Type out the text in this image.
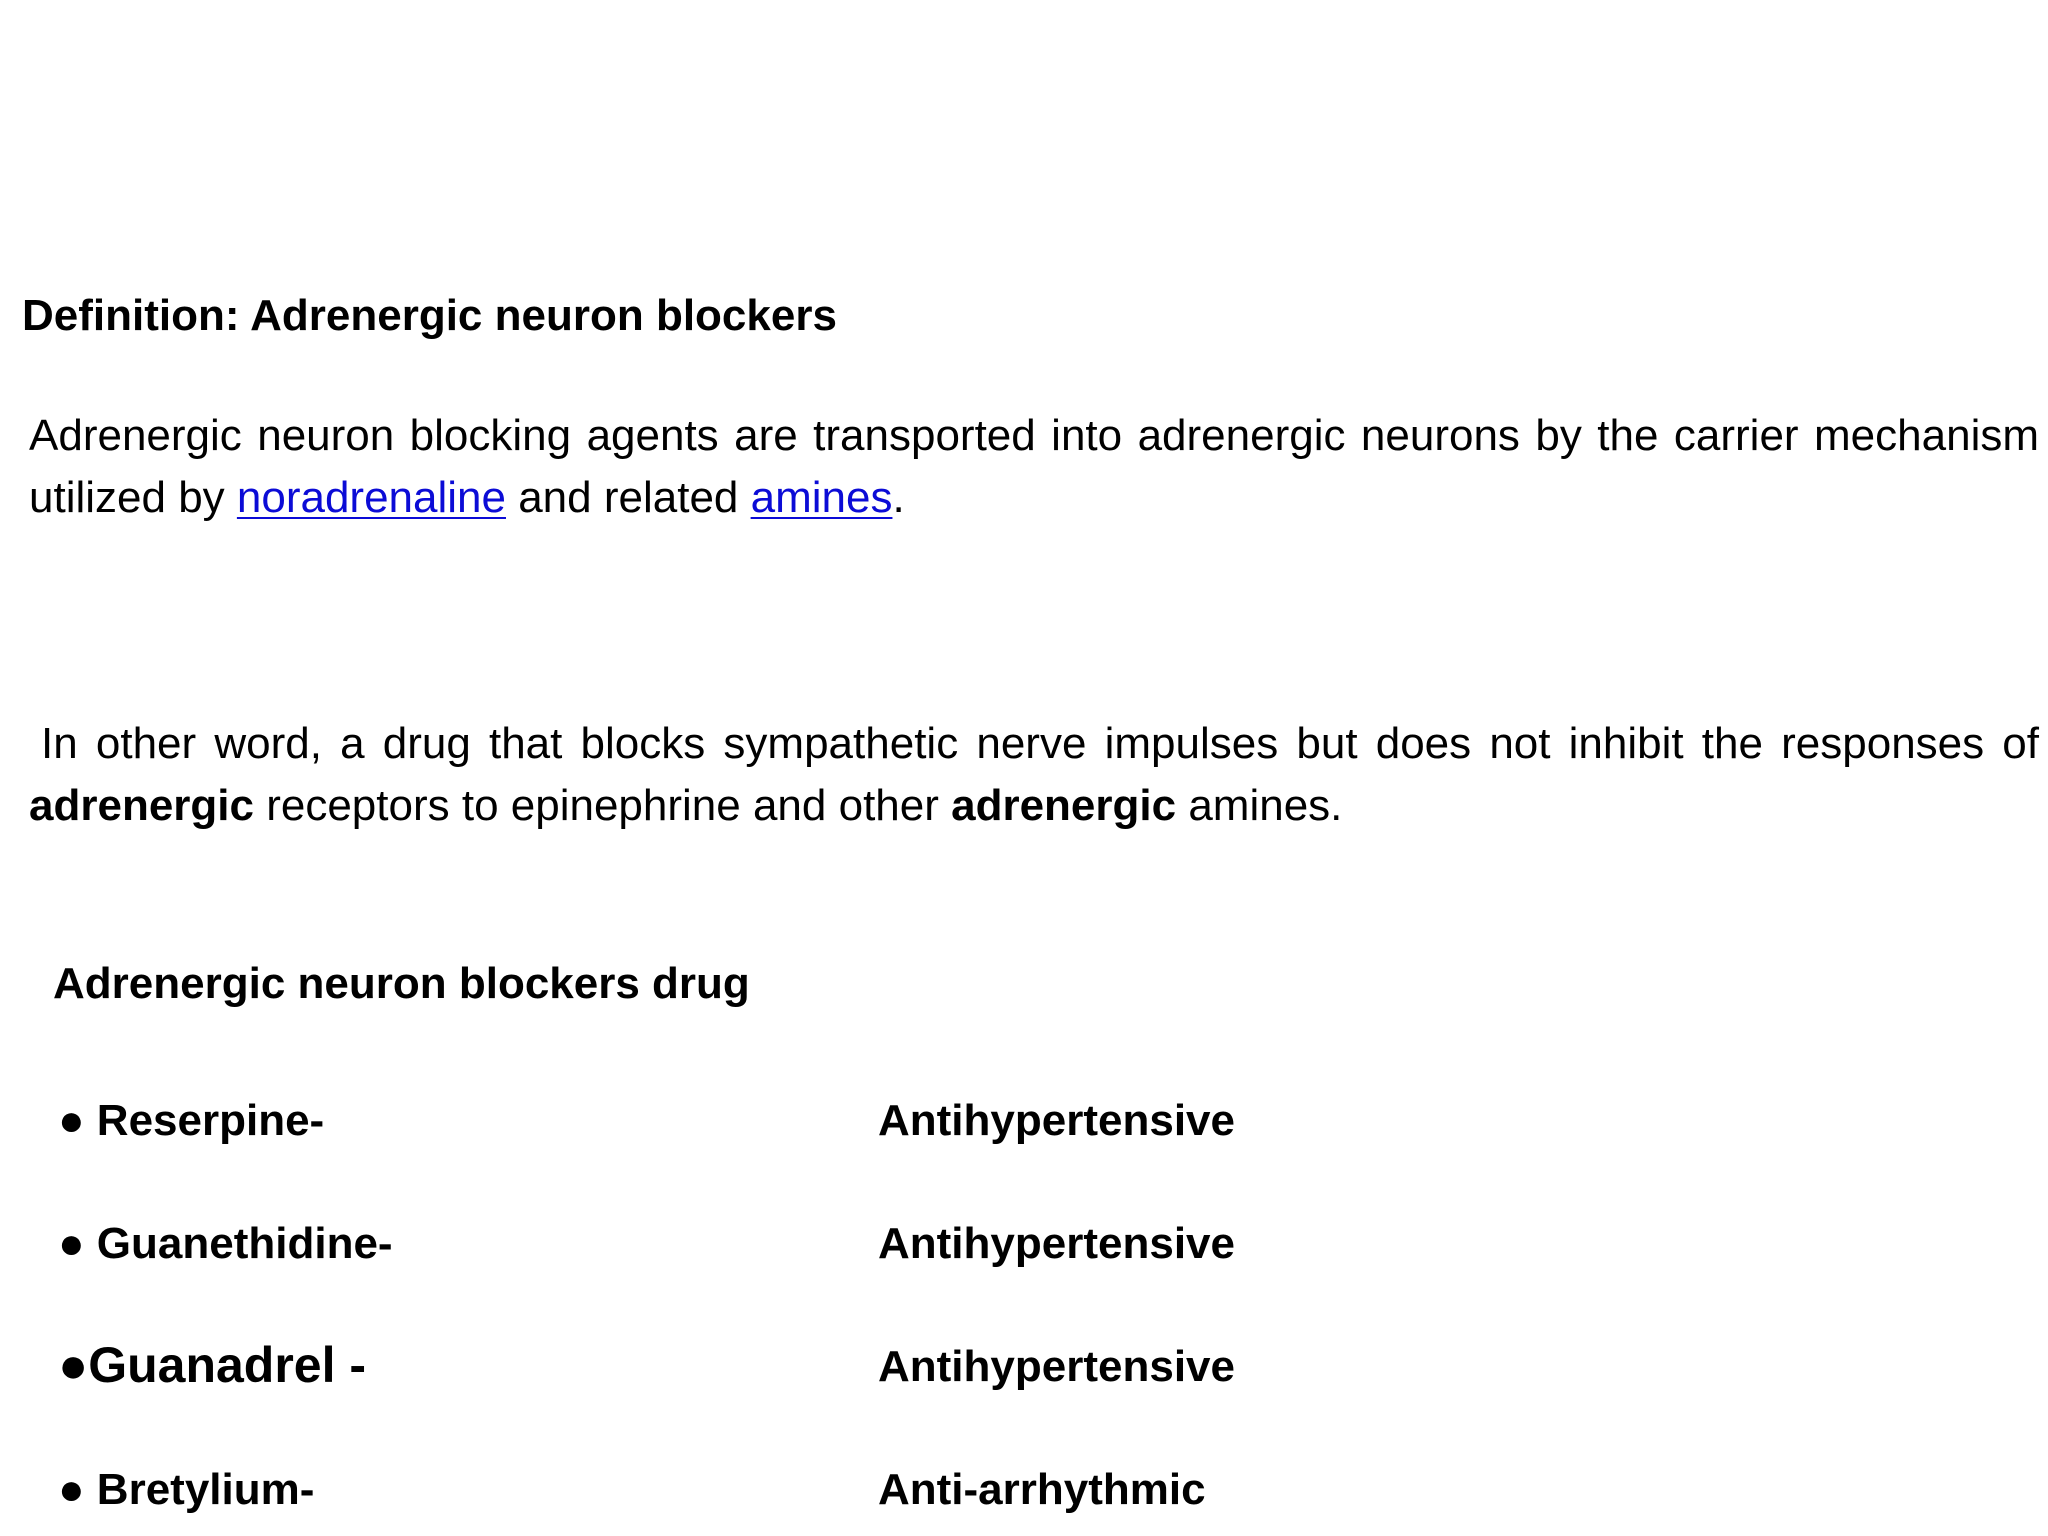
Definition: Adrenergic neuron blockers

Adrenergic neuron blocking agents are transported into adrenergic neurons by the carrier mechanism utilized by noradrenaline and related amines.

In other word, a drug that blocks sympathetic nerve impulses but does not inhibit the responses of adrenergic receptors to epinephrine and other adrenergic amines.

Adrenergic neuron blockers drug
● Reserpine-	Antihypertensive
● Guanethidine-	Antihypertensive
●Guanadrel -	Antihypertensive
● Bretylium-	Anti-arrhythmic
